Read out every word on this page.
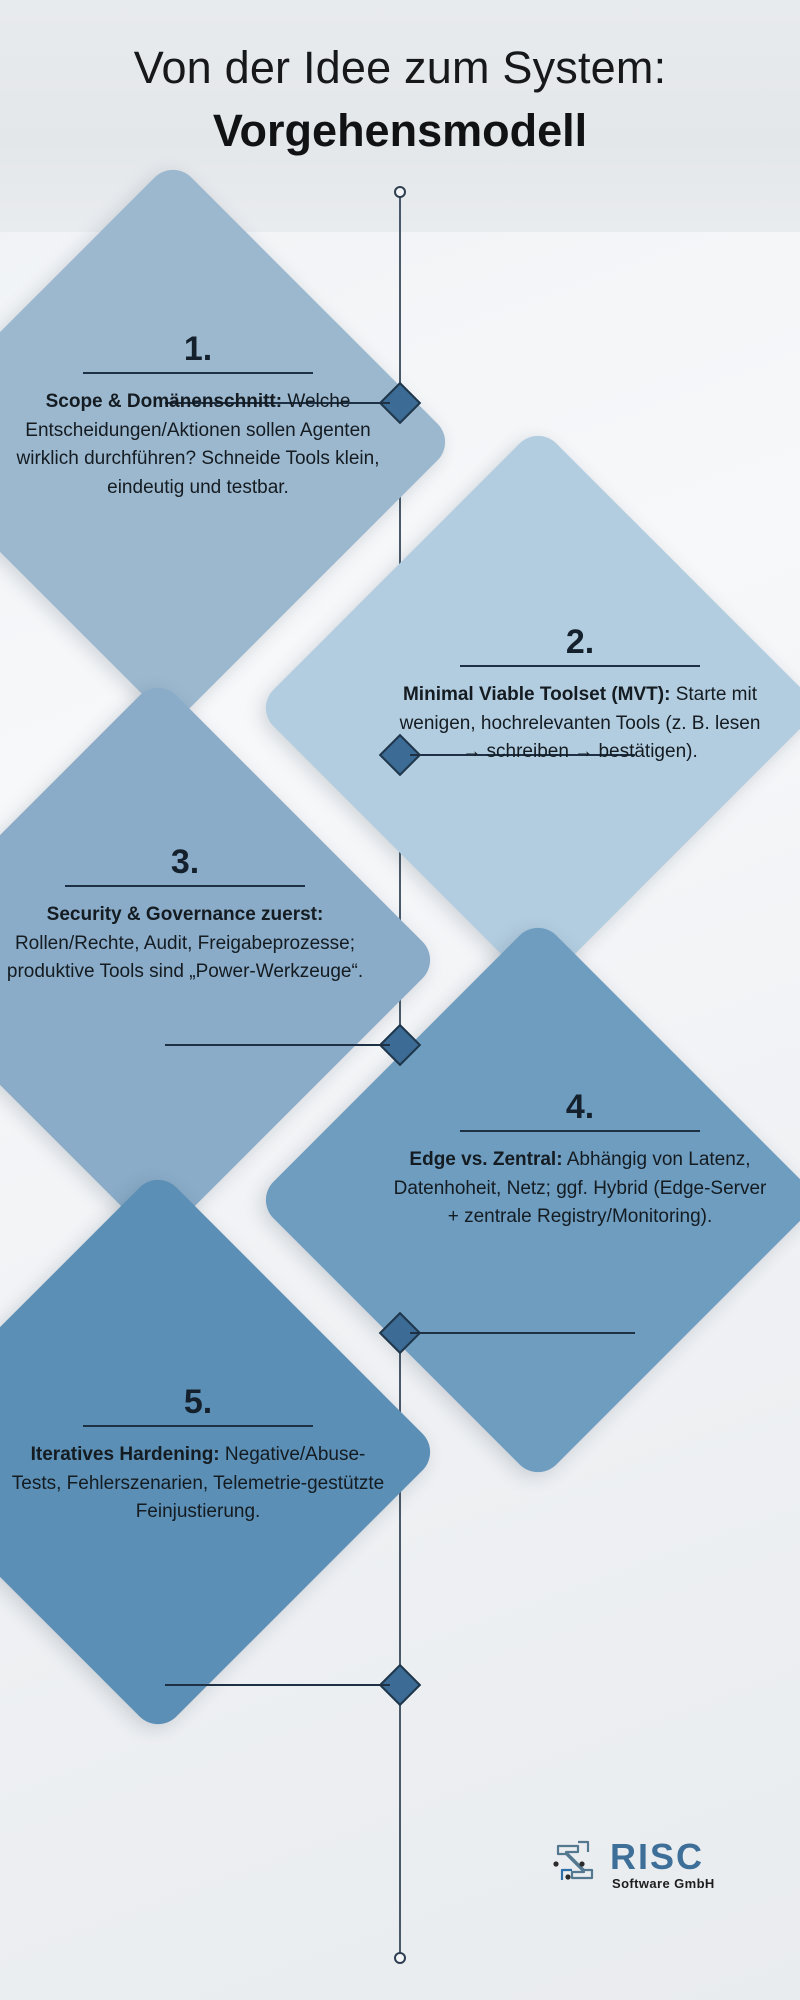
Von der Idee zum System:
Vorgehensmodell
1.
Scope & Domänenschnitt: Welche Entscheidungen/Aktionen sollen Agenten wirklich durchführen? Schneide Tools klein, eindeutig und testbar.
2.
Minimal Viable Toolset (MVT): Starte mit wenigen, hochrelevanten Tools (z. B. lesen → schreiben → bestätigen).
3.
Security & Governance zuerst: Rollen/Rechte, Audit, Freigabeprozesse; produktive Tools sind „Power-Werkzeuge“.
4.
Edge vs. Zentral: Abhängig von Latenz, Datenhoheit, Netz; ggf. Hybrid (Edge-Server + zentrale Registry/Monitoring).
5.
Iteratives Hardening: Negative/Abuse-Tests, Fehlerszenarien, Telemetrie-gestützte Feinjustierung.
RISC
Software GmbH
